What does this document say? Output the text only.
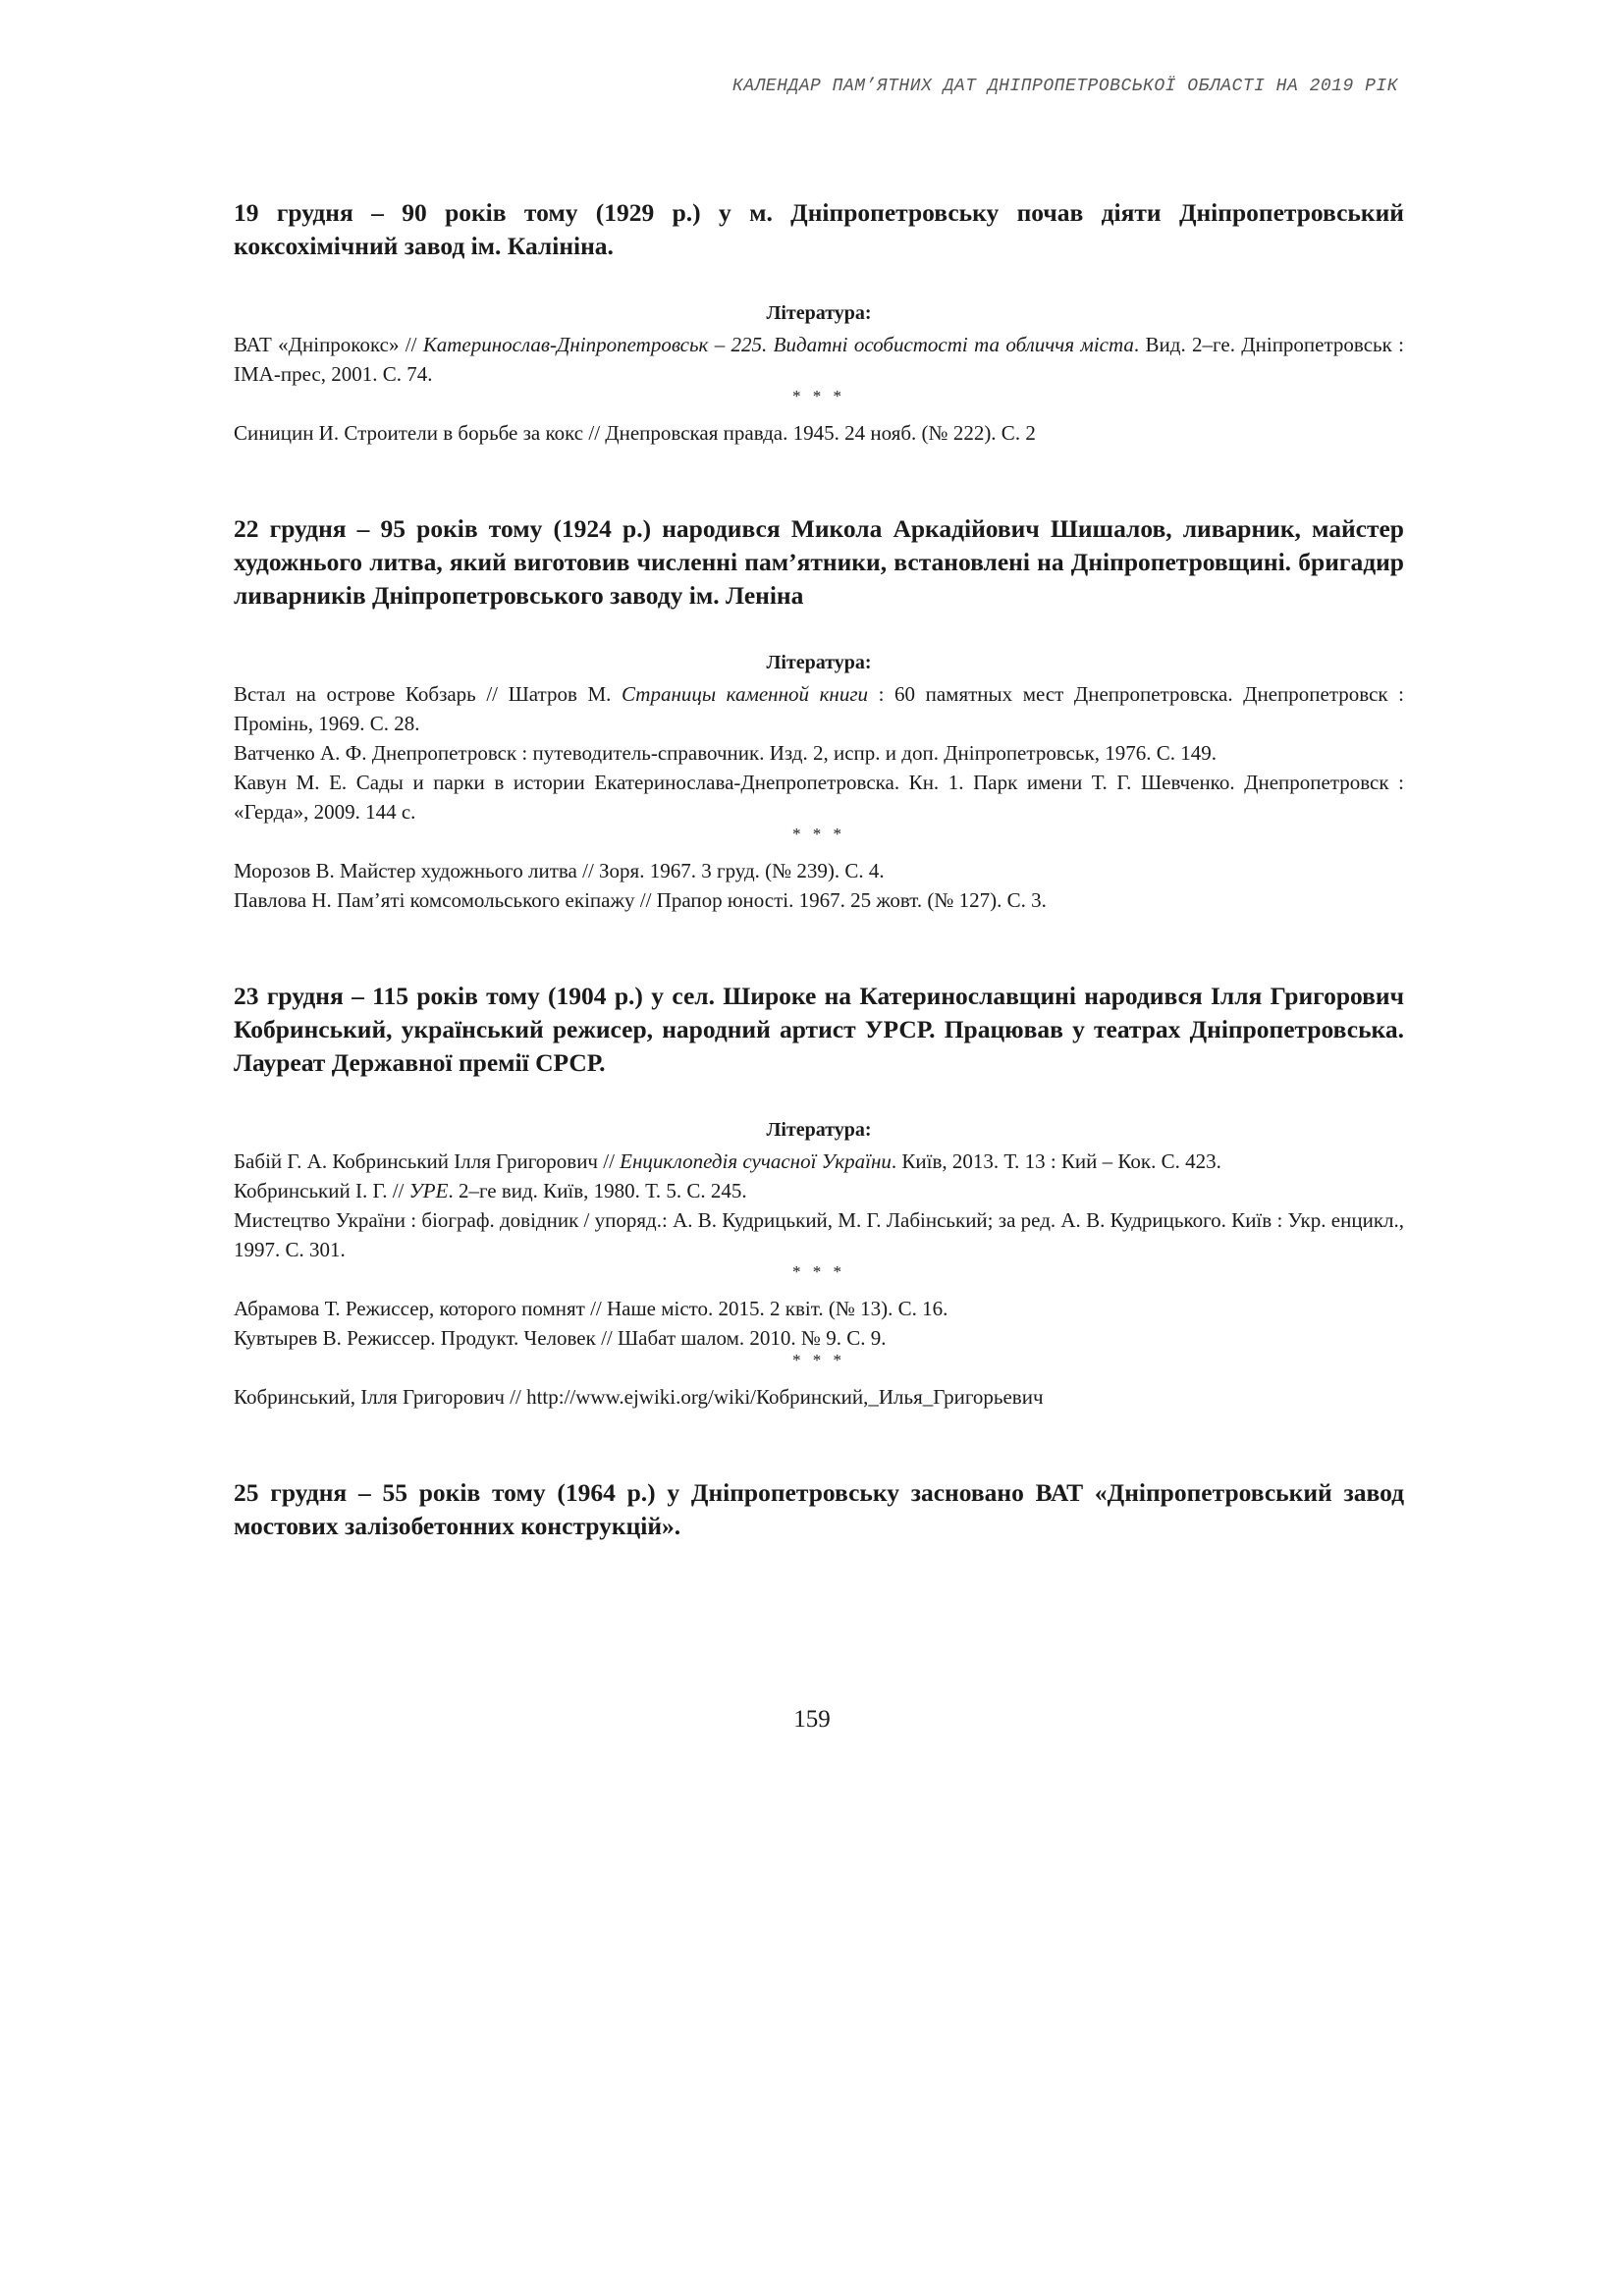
КАЛЕНДАР ПАМ’ЯТНИХ ДАТ ДНІПРОПЕТРОВСЬКОЇ ОБЛАСТІ НА 2019 РІК

19 грудня – 90 років тому (1929 р.) у м. Дніпропетровську почав діяти Дніпропетровський коксохімічний завод ім. Калініна.

Література:

ВАТ «Дніпрококс» // Катеринослав-Дніпропетровськ – 225. Видатні особистості та обличчя міста. Вид. 2–ге. Дніпропетровськ : ІМА-прес, 2001. С. 74.

* * *

Синицин И. Строители в борьбе за кокс // Днепровская правда. 1945. 24 нояб. (№ 222). С. 2

22 грудня – 95 років тому (1924 р.) народився Микола Аркадійович Шишалов, ливарник, майстер художнього литва, який виготовив численні пам’ятники, встановлені на Дніпропетровщині. бригадир ливарників Дніпропетровського заводу ім. Леніна

Література:

Встал на острове Кобзарь // Шатров М. Страницы каменной книги : 60 памятных мест Днепропетровска. Днепропетровск : Промінь, 1969. С. 28.

Ватченко А. Ф. Днепропетровск : путеводитель-справочник. Изд. 2, испр. и доп. Дніпропетровськ, 1976. С. 149.

Кавун М. Е. Сады и парки в истории Екатеринослава-Днепропетровска. Кн. 1. Парк имени Т. Г. Шевченко. Днепропетровск : «Герда», 2009. 144 с.

* * *

Морозов В. Майстер художнього литва // Зоря. 1967. 3 груд. (№ 239). С. 4.

Павлова Н. Пам’яті комсомольського екіпажу // Прапор юності. 1967. 25 жовт. (№ 127). С. 3.

23 грудня – 115 років тому (1904 р.) у сел. Широке на Катеринославщині народився Ілля Григорович Кобринський, український режисер, народний артист УРСР. Працював у театрах Дніпропетровська. Лауреат Державної премії СРСР.

Література:

Бабій Г. А. Кобринський Ілля Григорович // Енциклопедія сучасної України. Київ, 2013. Т. 13 : Кий – Кок. С. 423.

Кобринський І. Г. // УРЕ. 2–ге вид. Київ, 1980. Т. 5. С. 245.

Мистецтво України : біограф. довідник / упоряд.: А. В. Кудрицький, М. Г. Лабінський; за ред. А. В. Кудрицького. Київ : Укр. енцикл., 1997. С. 301.

* * *

Абрамова Т. Режиссер, которого помнят // Наше місто. 2015. 2 квіт. (№ 13). С. 16.

Кувтырев В. Режиссер. Продукт. Человек // Шабат шалом. 2010. № 9. С. 9.

* * *

Кобринський, Ілля Григорович // http://www.ejwiki.org/wiki/Кобринский,_Илья_Григорьевич

25 грудня – 55 років тому (1964 р.) у Дніпропетровську засновано ВАТ «Дніпропетровський завод мостових залізобетонних конструкцій».

159
